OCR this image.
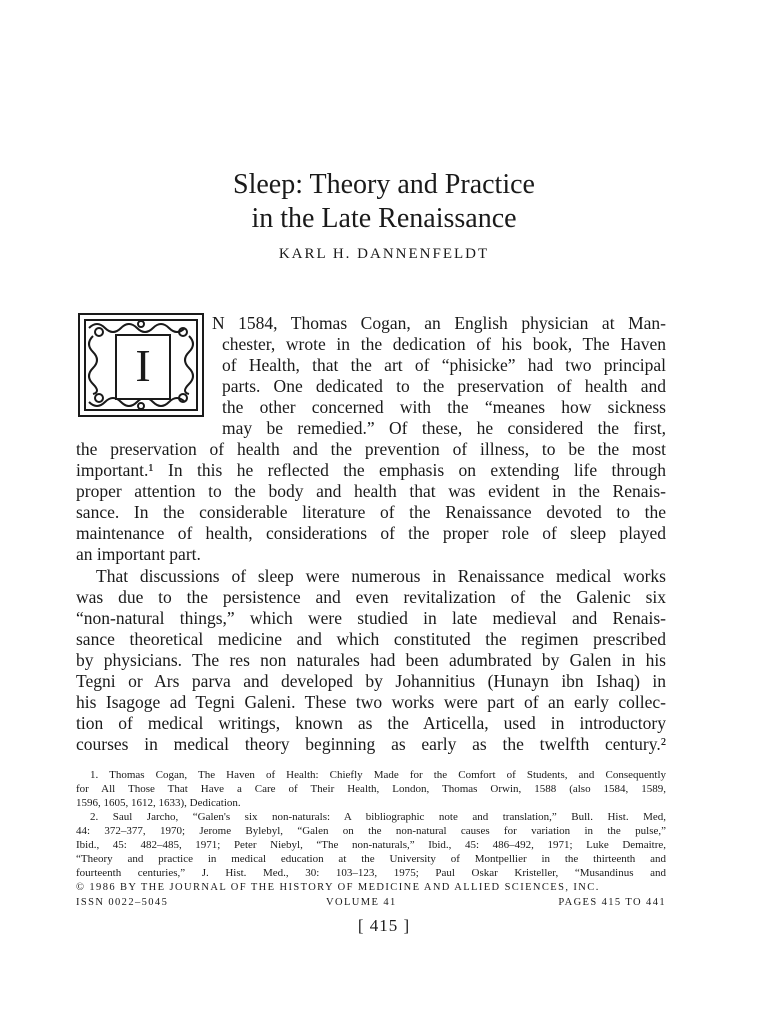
Sleep: Theory and Practice
in the Late Renaissance
KARL H. DANNENFELDT
I
N 1584, Thomas Cogan, an English physician at Man-
chester, wrote in the dedication of his book, The Haven
of Health, that the art of “phisicke” had two principal
parts. One dedicated to the preservation of health and
the other concerned with the “meanes how sickness
may be remedied.” Of these, he considered the first,
the preservation of health and the prevention of illness, to be the most
important.¹ In this he reflected the emphasis on extending life through
proper attention to the body and health that was evident in the Renais-
sance. In the considerable literature of the Renaissance devoted to the
maintenance of health, considerations of the proper role of sleep played
an important part.
That discussions of sleep were numerous in Renaissance medical works
was due to the persistence and even revitalization of the Galenic six
“non-natural things,” which were studied in late medieval and Renais-
sance theoretical medicine and which constituted the regimen prescribed
by physicians. The res non naturales had been adumbrated by Galen in his
Tegni or Ars parva and developed by Johannitius (Hunayn ibn Ishaq) in
his Isagoge ad Tegni Galeni. These two works were part of an early collec-
tion of medical writings, known as the Articella, used in introductory
courses in medical theory beginning as early as the twelfth century.²
1. Thomas Cogan, The Haven of Health: Chiefly Made for the Comfort of Students, and Consequently
for All Those That Have a Care of Their Health, London, Thomas Orwin, 1588 (also 1584, 1589,
1596, 1605, 1612, 1633), Dedication.
2. Saul Jarcho, “Galen's six non-naturals: A bibliographic note and translation,” Bull. Hist. Med,
44: 372–377, 1970; Jerome Bylebyl, “Galen on the non-natural causes for variation in the pulse,”
Ibid., 45: 482–485, 1971; Peter Niebyl, “The non-naturals,” Ibid., 45: 486–492, 1971; Luke Demaitre,
“Theory and practice in medical education at the University of Montpellier in the thirteenth and
fourteenth centuries,” J. Hist. Med., 30: 103–123, 1975; Paul Oskar Kristeller, “Musandinus and
© 1986 BY THE JOURNAL OF THE HISTORY OF MEDICINE AND ALLIED SCIENCES, INC.
ISSN 0022–5045	VOLUME 41	PAGES 415 TO 441
[ 415 ]
